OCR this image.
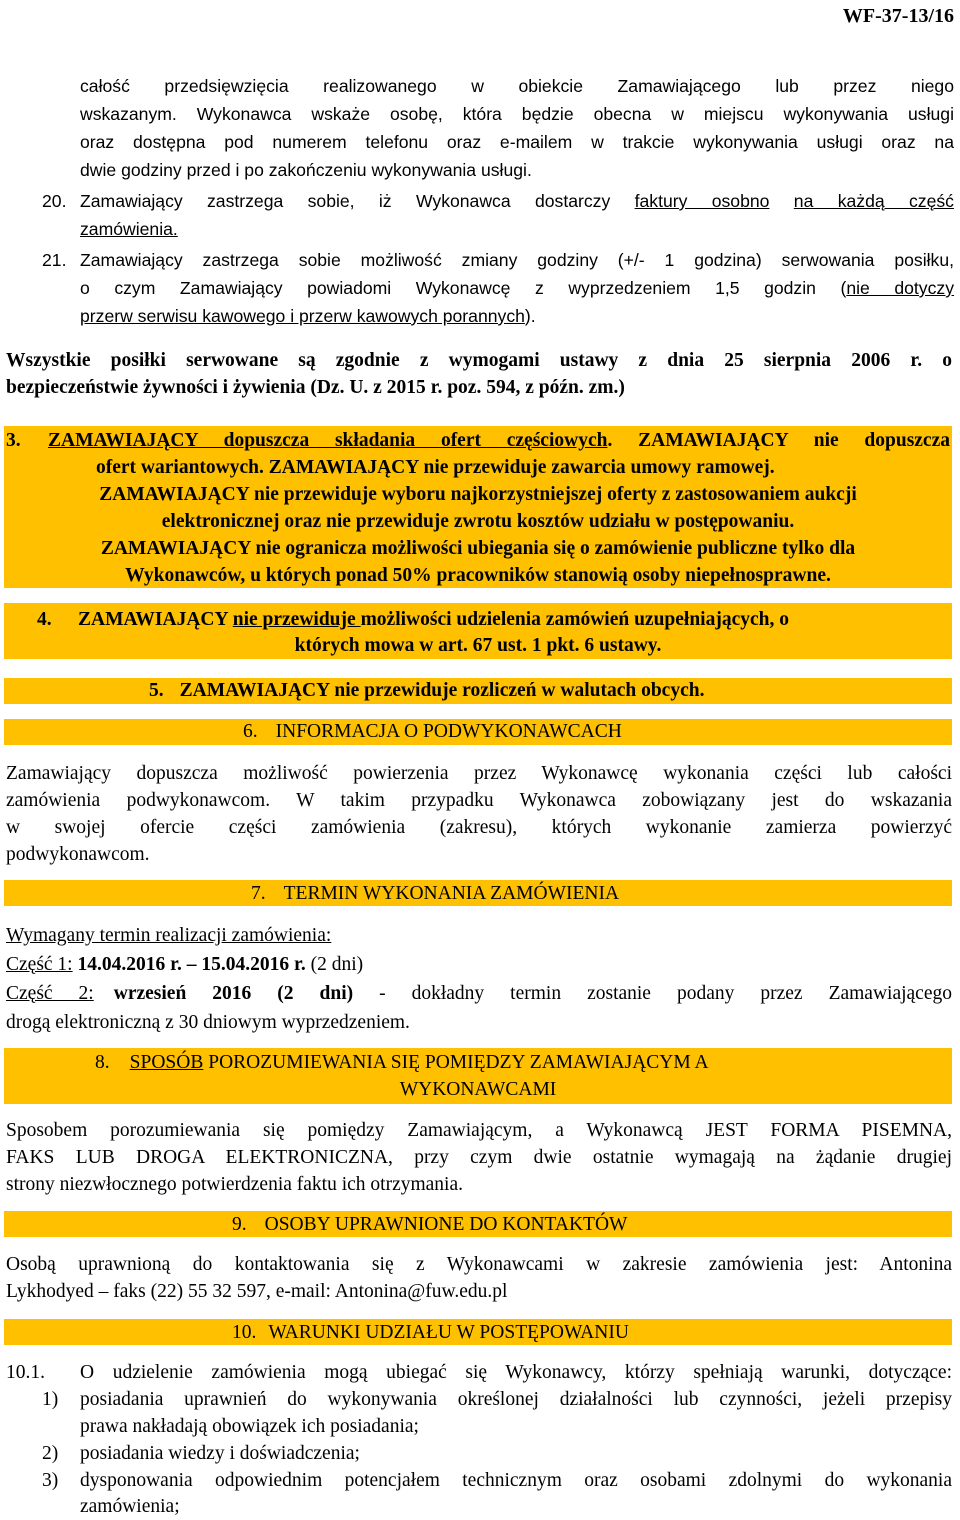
WF-37-13/16
całość przedsięwzięcia realizowanego w obiekcie Zamawiającego lub przez niego
wskazanym. Wykonawca wskaże osobę, która będzie obecna w miejscu wykonywania usługi
oraz dostępna pod numerem telefonu oraz e-mailem w trakcie wykonywania usługi oraz na
dwie godziny przed i po zakończeniu wykonywania usługi.
20. Zamawiający zastrzega sobie, iż Wykonawca dostarczy faktury osobno na każdą część
zamówienia.
21. Zamawiający zastrzega sobie możliwość zmiany godziny (+/- 1 godzina) serwowania posiłku,
o czym Zamawiający powiadomi Wykonawcę z wyprzedzeniem 1,5 godzin (nie dotyczy
przerw serwisu kawowego i przerw kawowych porannych).
Wszystkie posiłki serwowane są zgodnie z wymogami ustawy z dnia 25 sierpnia 2006 r. o
bezpieczeństwie żywności i żywienia (Dz. U. z 2015 r. poz. 594, z późn. zm.)
3. ZAMAWIAJĄCY dopuszcza składania ofert częściowych. ZAMAWIAJĄCY nie dopuszcza
ofert wariantowych. ZAMAWIAJĄCY nie przewiduje zawarcia umowy ramowej.
ZAMAWIAJĄCY nie przewiduje wyboru najkorzystniejszej oferty z zastosowaniem aukcji
elektronicznej oraz nie przewiduje zwrotu kosztów udziału w postępowaniu.
ZAMAWIAJĄCY nie ogranicza możliwości ubiegania się o zamówienie publiczne tylko dla
Wykonawców, u których ponad 50% pracowników stanowią osoby niepełnosprawne.
4. ZAMAWIAJĄCY nie przewiduje możliwości udzielenia zamówień uzupełniających, o
których mowa w art. 67 ust. 1 pkt. 6 ustawy.
5. ZAMAWIAJĄCY nie przewiduje rozliczeń w walutach obcych.
6. INFORMACJA O PODWYKONAWCACH
Zamawiający dopuszcza możliwość powierzenia przez Wykonawcę wykonania części lub całości
zamówienia podwykonawcom. W takim przypadku Wykonawca zobowiązany jest do wskazania
w swojej ofercie części zamówienia (zakresu), których wykonanie zamierza powierzyć
podwykonawcom.
7. TERMIN WYKONANIA ZAMÓWIENIA
Wymagany termin realizacji zamówienia:
Część 1: 14.04.2016 r. – 15.04.2016 r. (2 dni)
Część 2: wrzesień 2016 (2 dni) - dokładny termin zostanie podany przez Zamawiającego
drogą elektroniczną z 30 dniowym wyprzedzeniem.
8. SPOSÓB POROZUMIEWANIA SIĘ POMIĘDZY ZAMAWIAJĄCYM A
WYKONAWCAMI
Sposobem porozumiewania się pomiędzy Zamawiającym, a Wykonawcą JEST FORMA PISEMNA,
FAKS LUB DROGA ELEKTRONICZNA, przy czym dwie ostatnie wymagają na żądanie drugiej
strony niezwłocznego potwierdzenia faktu ich otrzymania.
9. OSOBY UPRAWNIONE DO KONTAKTÓW
Osobą uprawnioną do kontaktowania się z Wykonawcami w zakresie zamówienia jest: Antonina
Lykhodyed – faks (22) 55 32 597, e-mail: Antonina@fuw.edu.pl
10. WARUNKI UDZIAŁU W POSTĘPOWANIU
10.1. O udzielenie zamówienia mogą ubiegać się Wykonawcy, którzy spełniają warunki, dotyczące:
1) posiadania uprawnień do wykonywania określonej działalności lub czynności, jeżeli przepisy
prawa nakładają obowiązek ich posiadania;
2) posiadania wiedzy i doświadczenia;
3) dysponowania odpowiednim potencjałem technicznym oraz osobami zdolnymi do wykonania
zamówienia;
